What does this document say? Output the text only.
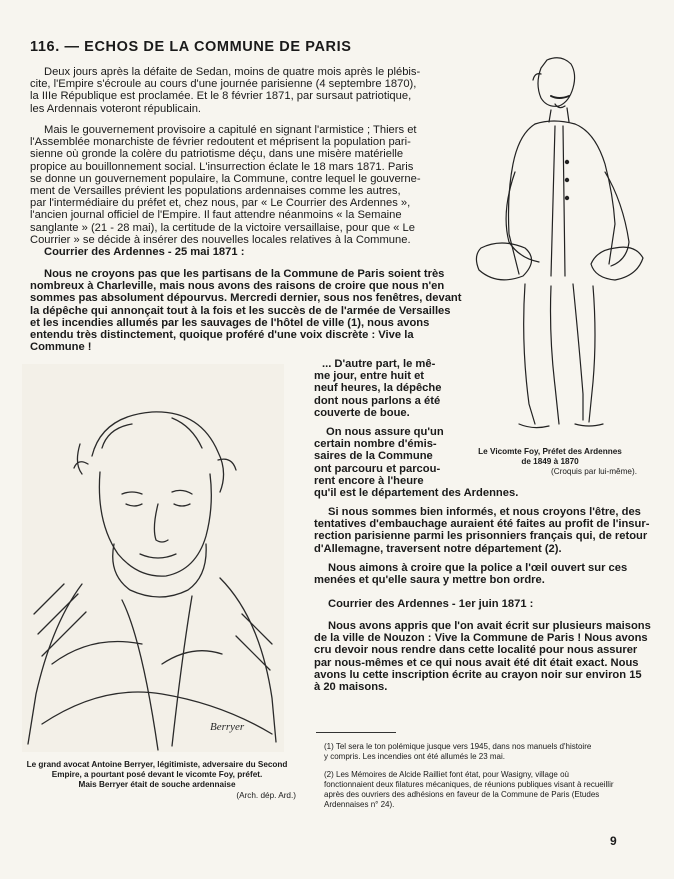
116. — ECHOS DE LA COMMUNE DE PARIS
Deux jours après la défaite de Sedan, moins de quatre mois après le plébis-
cite, l'Empire s'écroule au cours d'une journée parisienne (4 septembre 1870),
la IIIe République est proclamée. Et le 8 février 1871, par sursaut patriotique,
les Ardennais voteront républicain.
Mais le gouvernement provisoire a capitulé en signant l'armistice ; Thiers et
l'Assemblée monarchiste de février redoutent et méprisent la population pari-
sienne où gronde la colère du patriotisme déçu, dans une misère matérielle
propice au bouillonnement social. L'insurrection éclate le 18 mars 1871. Paris
se donne un gouvernement populaire, la Commune, contre lequel le gouverne-
ment de Versailles prévient les populations ardennaises comme les autres,
par l'intermédiaire du préfet et, chez nous, par « Le Courrier des Ardennes »,
l'ancien journal officiel de l'Empire. Il faut attendre néanmoins « la Semaine
sanglante » (21 - 28 mai), la certitude de la victoire versaillaise, pour que « Le
Courrier » se décide à insérer des nouvelles locales relatives à la Commune.
Courrier des Ardennes - 25 mai 1871 :
Nous ne croyons pas que les partisans de la Commune de Paris soient très
nombreux à Charleville, mais nous avons des raisons de croire que nous n'en
sommes pas absolument dépourvus. Mercredi dernier, sous nos fenêtres, devant
la dépêche qui annonçait tout à la fois et les succès de de l'armée de Versailles
et les incendies allumés par les sauvages de l'hôtel de ville (1), nous avons
entendu très distinctement, quoique proféré d'une voix discrète : Vive la
Commune !
Le Vicomte Foy, Préfet des Ardennes
de 1849 à 1870
(Croquis par lui-même).
Berryer
Le grand avocat Antoine Berryer, légitimiste, adversaire du Second
Empire, a pourtant posé devant le vicomte Foy, préfet.
Mais Berryer était de souche ardennaise
(Arch. dép. Ard.)
... D'autre part, le mê-
me jour, entre huit et
neuf heures, la dépêche
dont nous parlons a été
couverte de boue.
On nous assure qu'un
certain nombre d'émis-
saires de la Commune
ont parcouru et parcou-
rent encore à l'heure
qu'il est le département des Ardennes.
Si nous sommes bien informés, et nous croyons l'être, des
tentatives d'embauchage auraient été faites au profit de l'insur-
rection parisienne parmi les prisonniers français qui, de retour
d'Allemagne, traversent notre département (2).
Nous aimons à croire que la police a l'œil ouvert sur ces
menées et qu'elle saura y mettre bon ordre.
Courrier des Ardennes - 1er juin 1871 :
Nous avons appris que l'on avait écrit sur plusieurs maisons
de la ville de Nouzon : Vive la Commune de Paris ! Nous avons
cru devoir nous rendre dans cette localité pour nous assurer
par nous-mêmes et ce qui nous avait été dit était exact. Nous
avons lu cette inscription écrite au crayon noir sur environ 15
à 20 maisons.
(1) Tel sera le ton polémique jusque vers 1945, dans nos manuels d'histoire
y compris. Les incendies ont été allumés le 23 mai.
(2) Les Mémoires de Alcide Railliet font état, pour Wasigny, village où
fonctionnaient deux filatures mécaniques, de réunions publiques visant à recueillir
après des ouvriers des adhésions en faveur de la Commune de Paris (Etudes
Ardennaises n° 24).
9
